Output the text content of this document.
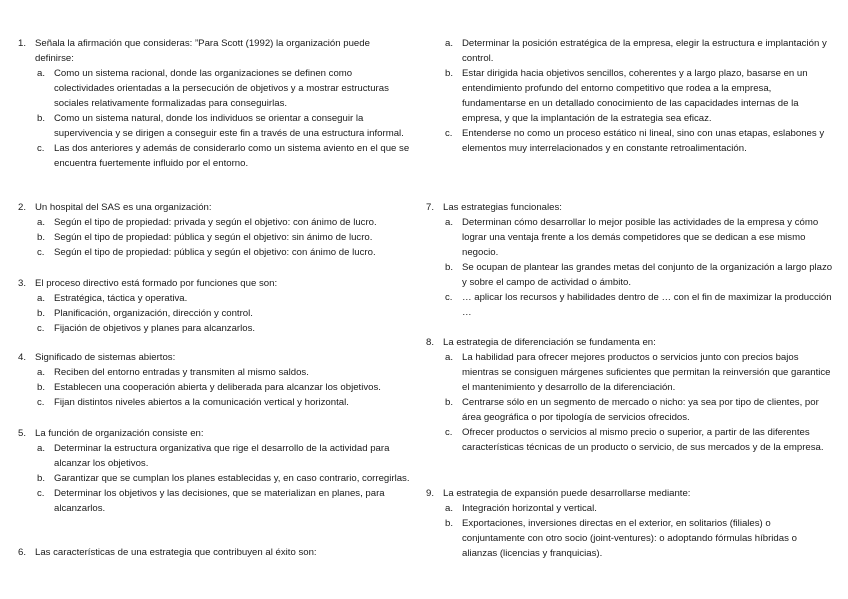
1. Señala la afirmación que consideras: ”Para Scott (1992) la organización puede definirse:
a. Como un sistema racional, donde las organizaciones se definen como colectividades orientadas a la persecución de objetivos y a mostrar estructuras sociales relativamente formalizadas para conseguirlas.
b. Como un sistema natural, donde los individuos se orientar a conseguir la supervivencia y se dirigen a conseguir este fin a través de una estructura informal.
c. Las dos anteriores y además de considerarlo como un sistema aviento en el que se encuentra fuertemente influido por el entorno.
2. Un hospital del SAS es una organización:
a. Según el tipo de propiedad: privada y según el objetivo: con ánimo de lucro.
b. Según el tipo de propiedad: pública y según el objetivo: sin ánimo de lucro.
c. Según el tipo de propiedad: pública y según el objetivo: con ánimo de lucro.
3. El proceso directivo está formado por funciones que son:
a. Estratégica, táctica y operativa.
b. Planificación, organización, dirección y control.
c. Fijación de objetivos y planes para alcanzarlos.
4. Significado de sistemas abiertos:
a. Reciben del entorno entradas y transmiten al mismo saldos.
b. Establecen una cooperación abierta y deliberada para alcanzar los objetivos.
c. Fijan distintos niveles abiertos a la comunicación vertical y horizontal.
5. La función de organización consiste en:
a. Determinar la estructura organizativa que rige el desarrollo de la actividad para alcanzar los objetivos.
b. Garantizar que se cumplan los planes establecidas y, en caso contrario, corregirlas.
c. Determinar los objetivos y las decisiones, que se materializan en planes, para alcanzarlos.
6. Las características de una estrategia que contribuyen al éxito son:
a. Determinar la posición estratégica de la empresa, elegir la estructura e implantación y control.
b. Estar dirigida hacia objetivos sencillos, coherentes y a largo plazo, basarse en un entendimiento profundo del entorno competitivo que rodea a la empresa, fundamentarse en un detallado conocimiento de las capacidades internas de la empresa, y que la implantación de la estrategia sea eficaz.
c. Entenderse no como un proceso estático ni lineal, sino con unas etapas, eslabones y elementos muy interrelacionados y en constante retroalimentación.
7. Las estrategias funcionales:
a. Determinan cómo desarrollar lo mejor posible las actividades de la empresa y cómo lograr una ventaja frente a los demás competidores que se dedican a ese mismo negocio.
b. Se ocupan de plantear las grandes metas del conjunto de la organización a largo plazo y sobre el campo de actividad o ámbito.
c. … aplicar los recursos y habilidades dentro de … con el fin de maximizar la producción …
8. La estrategia de diferenciación se fundamenta en:
a. La habilidad para ofrecer mejores productos o servicios junto con precios bajos mientras se consiguen márgenes suficientes que permitan la reinversión que garantice el mantenimiento y desarrollo de la diferenciación.
b. Centrarse sólo en un segmento de mercado o nicho: ya sea por tipo de clientes, por área geográfica o por tipología de servicios ofrecidos.
c. Ofrecer productos o servicios al mismo precio o superior, a partir de las diferentes características técnicas de un producto o servicio, de sus mercados y de la empresa.
9. La estrategia de expansión puede desarrollarse mediante:
a. Integración horizontal y vertical.
b. Exportaciones, inversiones directas en el exterior, en solitarios (filiales) o conjuntamente con otro socio (joint-ventures): o adoptando fórmulas híbridas o alianzas (licencias y franquicias).
